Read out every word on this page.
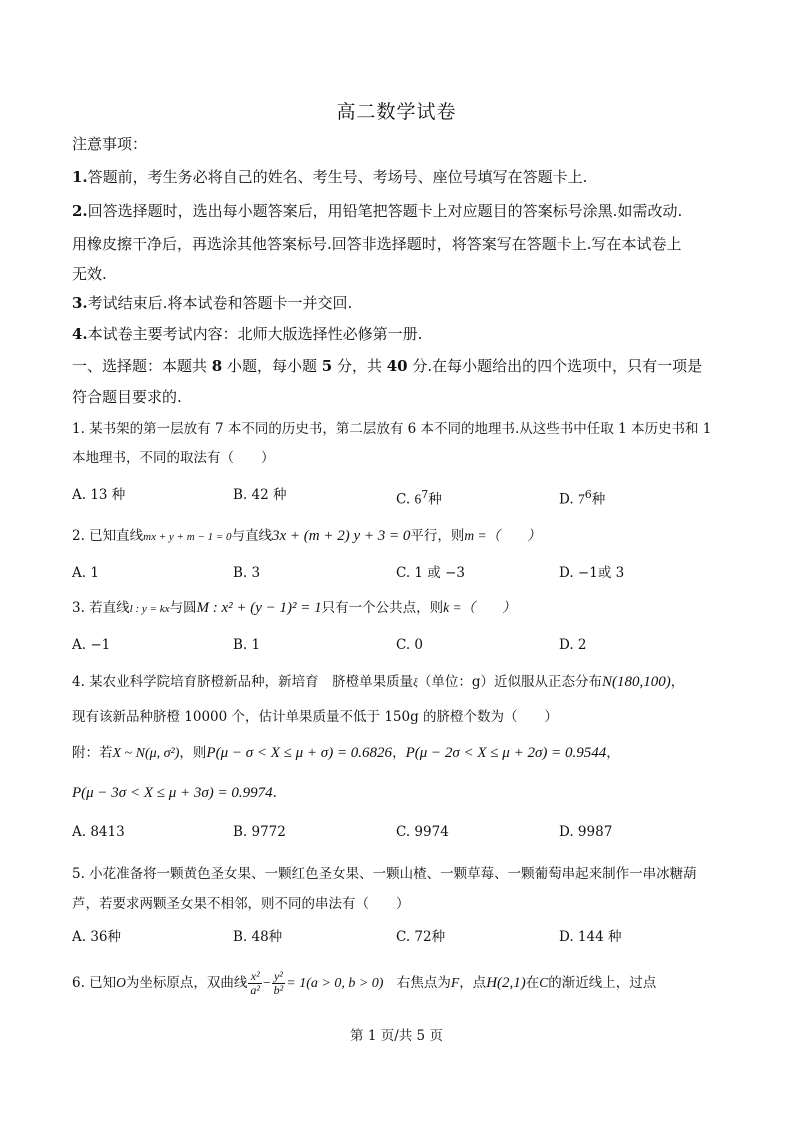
高二数学试卷
注意事项：
1.答题前，考生务必将自己的姓名、考生号、考场号、座位号填写在答题卡上.
2.回答选择题时，选出每小题答案后，用铅笔把答题卡上对应题目的答案标号涂黑.如需改动.
用橡皮擦干净后，再选涂其他答案标号.回答非选择题时，将答案写在答题卡上.写在本试卷上
无效.
3.考试结束后.将本试卷和答题卡一并交回.
4.本试卷主要考试内容：北师大版选择性必修第一册.
一、选择题：本题共 8 小题，每小题 5 分，共 40 分.在每小题给出的四个选项中，只有一项是
符合题目要求的.
1. 某书架的第一层放有 7 本不同的历史书，第二层放有 6 本不同的地理书.从这些书中任取 1 本历史书和 1
本地理书，不同的取法有（　　）
A. 13 种	B. 42 种	C. $6^7$种	D. $7^6$种
2. 已知直线mx + y + m − 1 = 0与直线3x + (m + 2) y + 3 = 0平行，则m =（　　）
A. 1	B. 3	C. 1 或 −3	D. −1或 3
3. 若直线l : y = kx与圆M : x² + (y − 1)² = 1只有一个公共点，则k =（　　）
A. −1	B. 1	C. 0	D. 2
4. 某农业科学院培育脐橙新品种，新培育　脐橙单果质量ξ（单位：g）近似服从正态分布N(180,100)，
现有该新品种脐橙 10000 个，估计单果质量不低于 150g 的脐橙个数为（　　）
附：若X ~ N(μ, σ²)，则P(μ − σ < X ≤ μ + σ) = 0.6826，P(μ − 2σ < X ≤ μ + 2σ) = 0.9544，
P(μ − 3σ < X ≤ μ + 3σ) = 0.9974.
A. 8413	B. 9772	C. 9974	D. 9987
5. 小花准备将一颗黄色圣女果、一颗红色圣女果、一颗山楂、一颗草莓、一颗葡萄串起来制作一串冰糖葫
芦，若要求两颗圣女果不相邻，则不同的串法有（　　）
A. 36种	B. 48种	C. 72种	D. 144 种
6. 已知O为坐标原点，双曲线 $\frac{\text{x²}}{\text{a²}} - \frac{\text{y²}}{\text{b²}} = 1(a > 0$, b > 0)　右焦点为F，点H(2,1)在C的渐近线上，过点
第 1 页/共 5 页
